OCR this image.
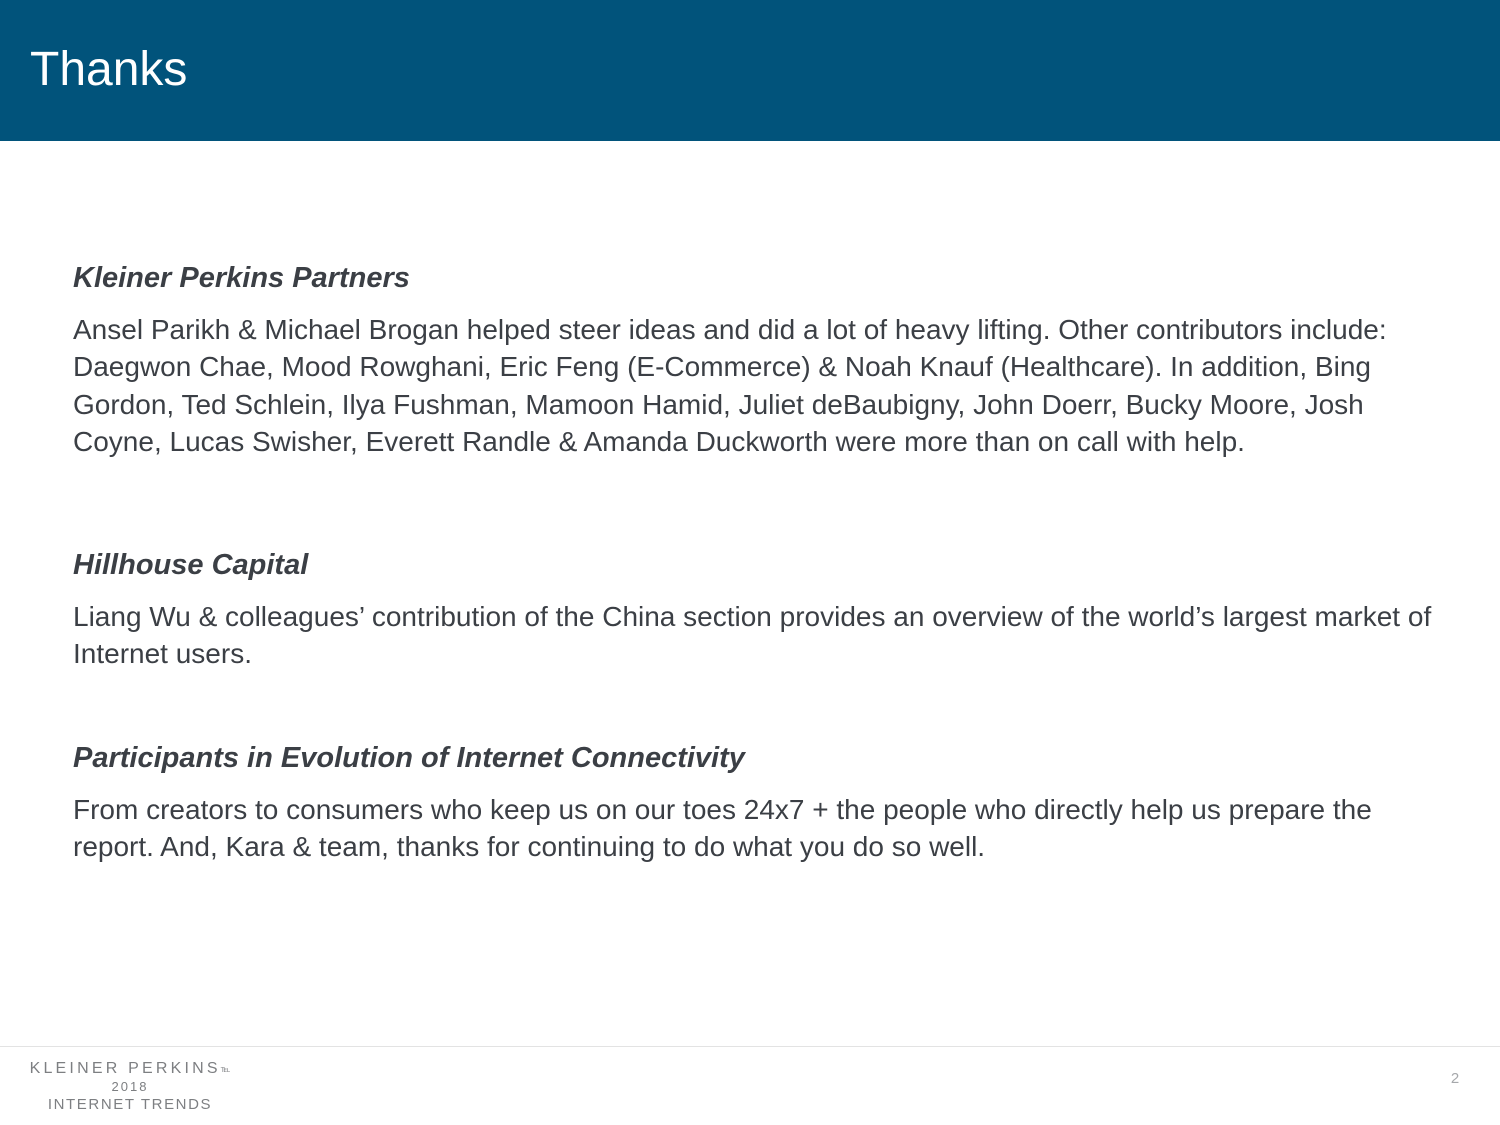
Thanks

Kleiner Perkins Partners

Ansel Parikh & Michael Brogan helped steer ideas and did a lot of heavy lifting. Other contributors include: Daegwon Chae, Mood Rowghani, Eric Feng (E-Commerce) & Noah Knauf (Healthcare). In addition, Bing Gordon, Ted Schlein, Ilya Fushman, Mamoon Hamid, Juliet deBaubigny, John Doerr, Bucky Moore, Josh Coyne, Lucas Swisher, Everett Randle & Amanda Duckworth were more than on call with help.

Hillhouse Capital

Liang Wu & colleagues’ contribution of the China section provides an overview of the world’s largest market of Internet users.

Participants in Evolution of Internet Connectivity

From creators to consumers who keep us on our toes 24x7 + the people who directly help us prepare the report. And, Kara & team, thanks for continuing to do what you do so well.

KLEINER PERKINS℡
2018
INTERNET TRENDS
2
